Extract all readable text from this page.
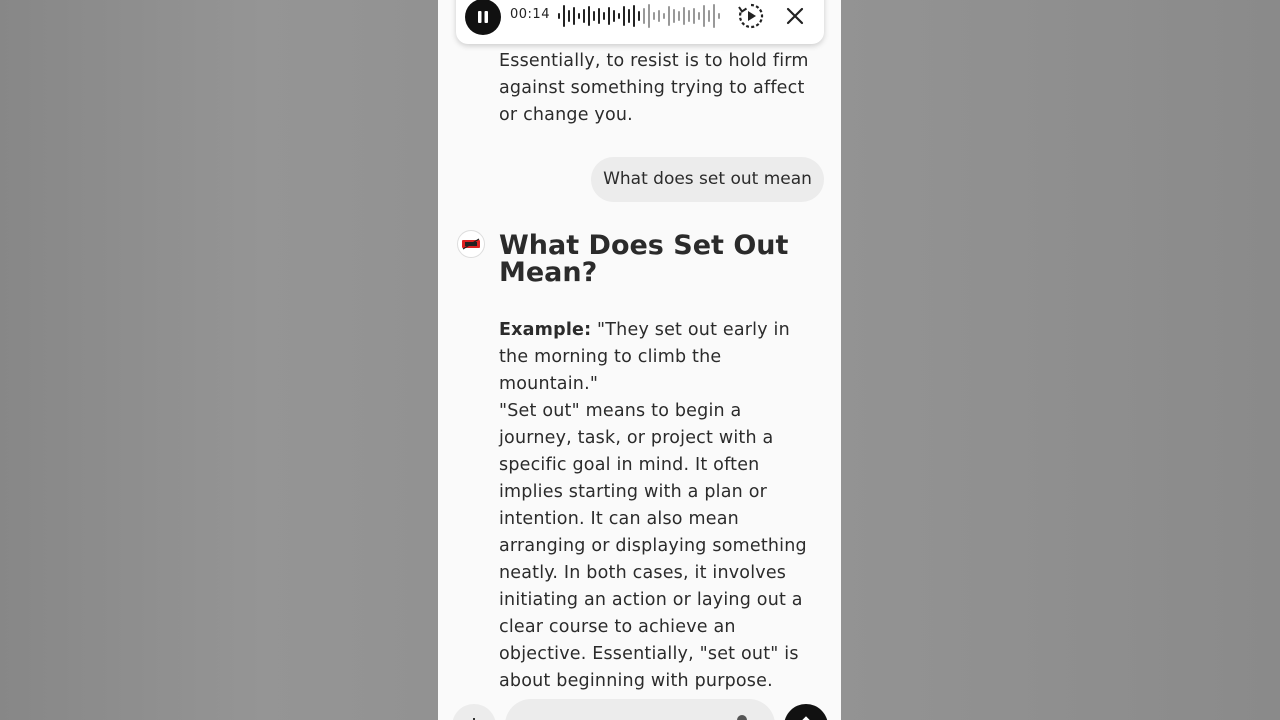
Essentially, to resist is to hold firm against something trying to affect or change you.
What does set out mean
What Does Set Out Mean?
Example: "They set out early in the morning to climb the mountain."
"Set out" means to begin a journey, task, or project with a specific goal in mind. It often implies starting with a plan or intention. It can also mean arranging or displaying something neatly. In both cases, it involves initiating an action or laying out a clear course to achieve an objective. Essentially, "set out" is about beginning with purpose.
00:14
